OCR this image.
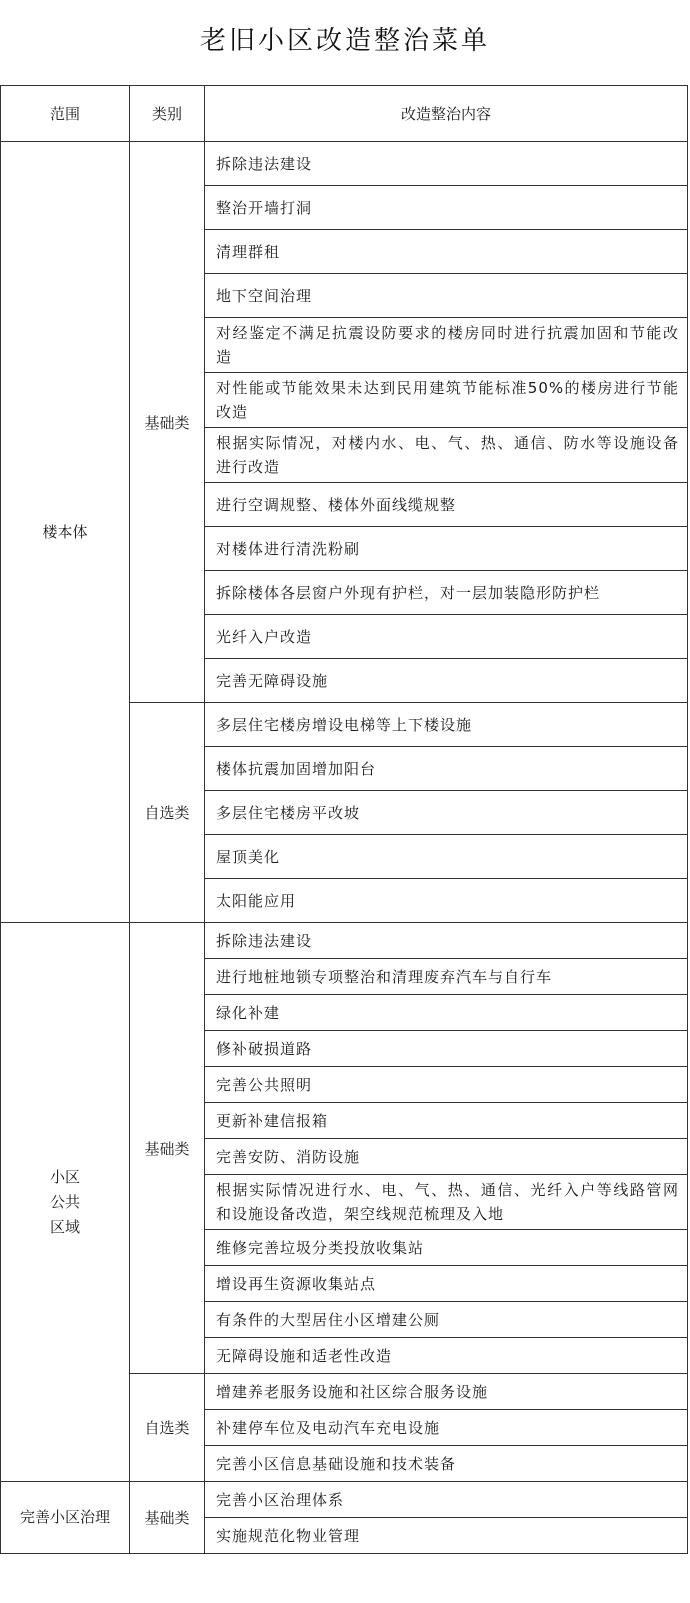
老旧小区改造整治菜单
范围	类别	改造整治内容

楼本体	基础类	拆除违法建设
		整治开墙打洞
		清理群租
		地下空间治理
		对经鉴定不满足抗震设防要求的楼房同时进行抗震加固和节能改造
		对性能或节能效果未达到民用建筑节能标准50%的楼房进行节能改造
		根据实际情况，对楼内水、电、气、热、通信、防水等设施设备进行改造
		进行空调规整、楼体外面线缆规整
		对楼体进行清洗粉刷
		拆除楼体各层窗户外现有护栏，对一层加装隐形防护栏
		光纤入户改造
		完善无障碍设施
	自选类	多层住宅楼房增设电梯等上下楼设施
		楼体抗震加固增加阳台
		多层住宅楼房平改坡
		屋顶美化
		太阳能应用

小区
公共
区域	基础类	拆除违法建设
		进行地桩地锁专项整治和清理废弃汽车与自行车
		绿化补建
		修补破损道路
		完善公共照明
		更新补建信报箱
		完善安防、消防设施
		根据实际情况进行水、电、气、热、通信、光纤入户等线路管网和设施设备改造，架空线规范梳理及入地
		维修完善垃圾分类投放收集站
		增设再生资源收集站点
		有条件的大型居住小区增建公厕
		无障碍设施和适老性改造
	自选类	增建养老服务设施和社区综合服务设施
		补建停车位及电动汽车充电设施
		完善小区信息基础设施和技术装备

完善小区治理	基础类	完善小区治理体系
		实施规范化物业管理
